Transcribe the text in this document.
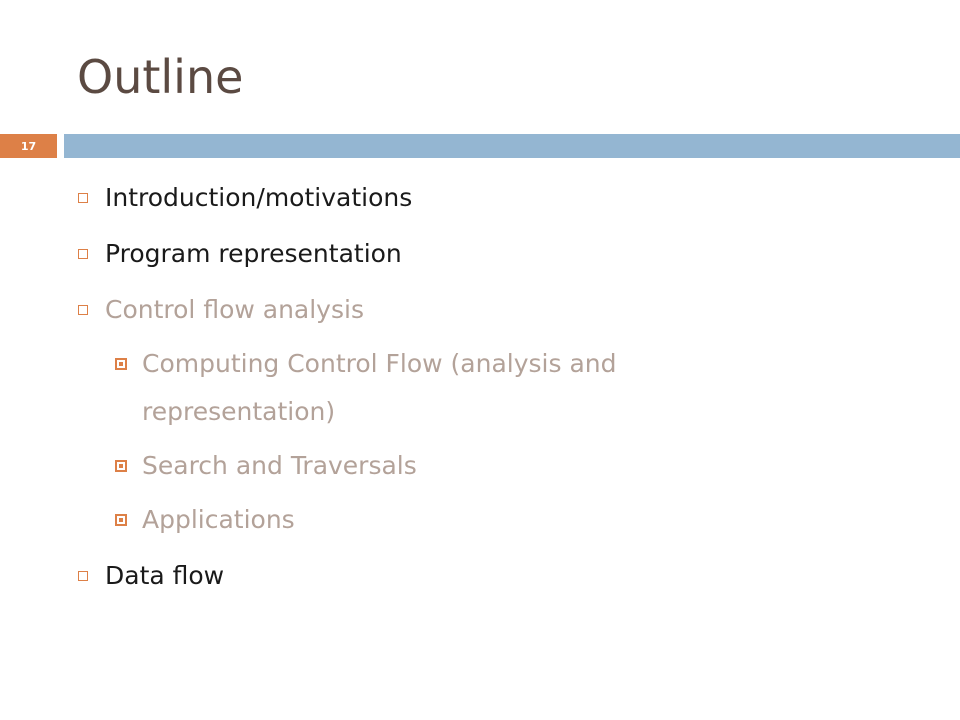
Outline
17
Introduction/motivations
Program representation
Control flow analysis
Computing Control Flow (analysis and
representation)
Search and Traversals
Applications
Data flow
